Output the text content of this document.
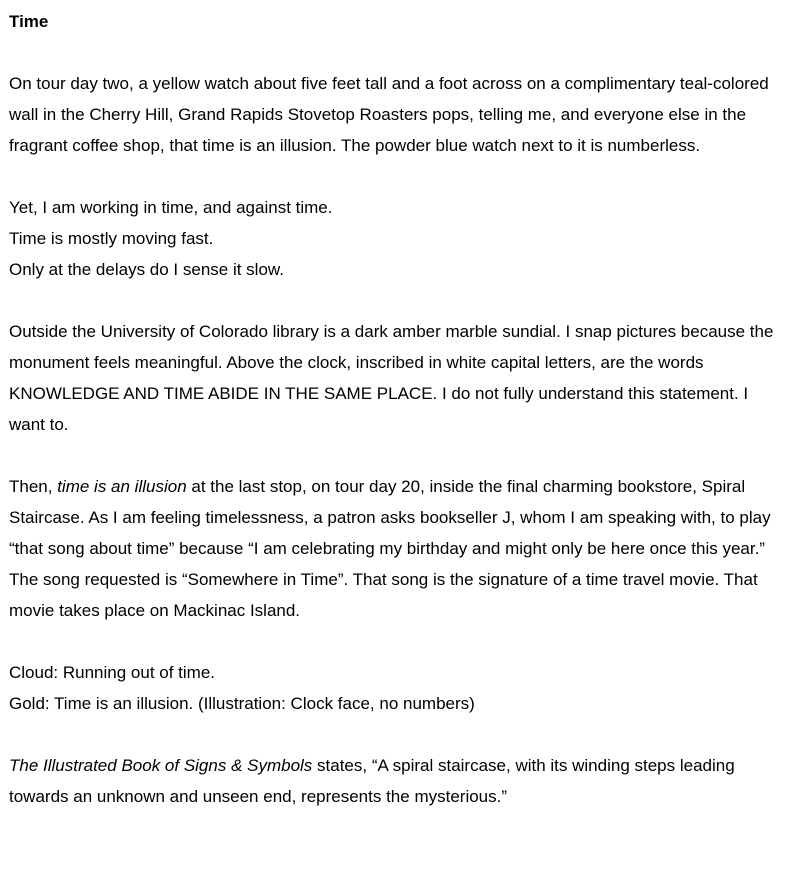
Time

On tour day two, a yellow watch about five feet tall and a foot across on a complimentary teal-colored wall in the Cherry Hill, Grand Rapids Stovetop Roasters pops, telling me, and everyone else in the fragrant coffee shop, that time is an illusion. The powder blue watch next to it is numberless.

Yet, I am working in time, and against time.
Time is mostly moving fast.
Only at the delays do I sense it slow.

Outside the University of Colorado library is a dark amber marble sundial. I snap pictures because the monument feels meaningful. Above the clock, inscribed in white capital letters, are the words KNOWLEDGE AND TIME ABIDE IN THE SAME PLACE. I do not fully understand this statement. I want to.

Then, time is an illusion at the last stop, on tour day 20, inside the final charming bookstore, Spiral Staircase. As I am feeling timelessness, a patron asks bookseller J, whom I am speaking with, to play “that song about time” because “I am celebrating my birthday and might only be here once this year.” The song requested is “Somewhere in Time”. That song is the signature of a time travel movie. That movie takes place on Mackinac Island.

Cloud: Running out of time.
Gold: Time is an illusion. (Illustration: Clock face, no numbers)

The Illustrated Book of Signs & Symbols states, “A spiral staircase, with its winding steps leading towards an unknown and unseen end, represents the mysterious.”
